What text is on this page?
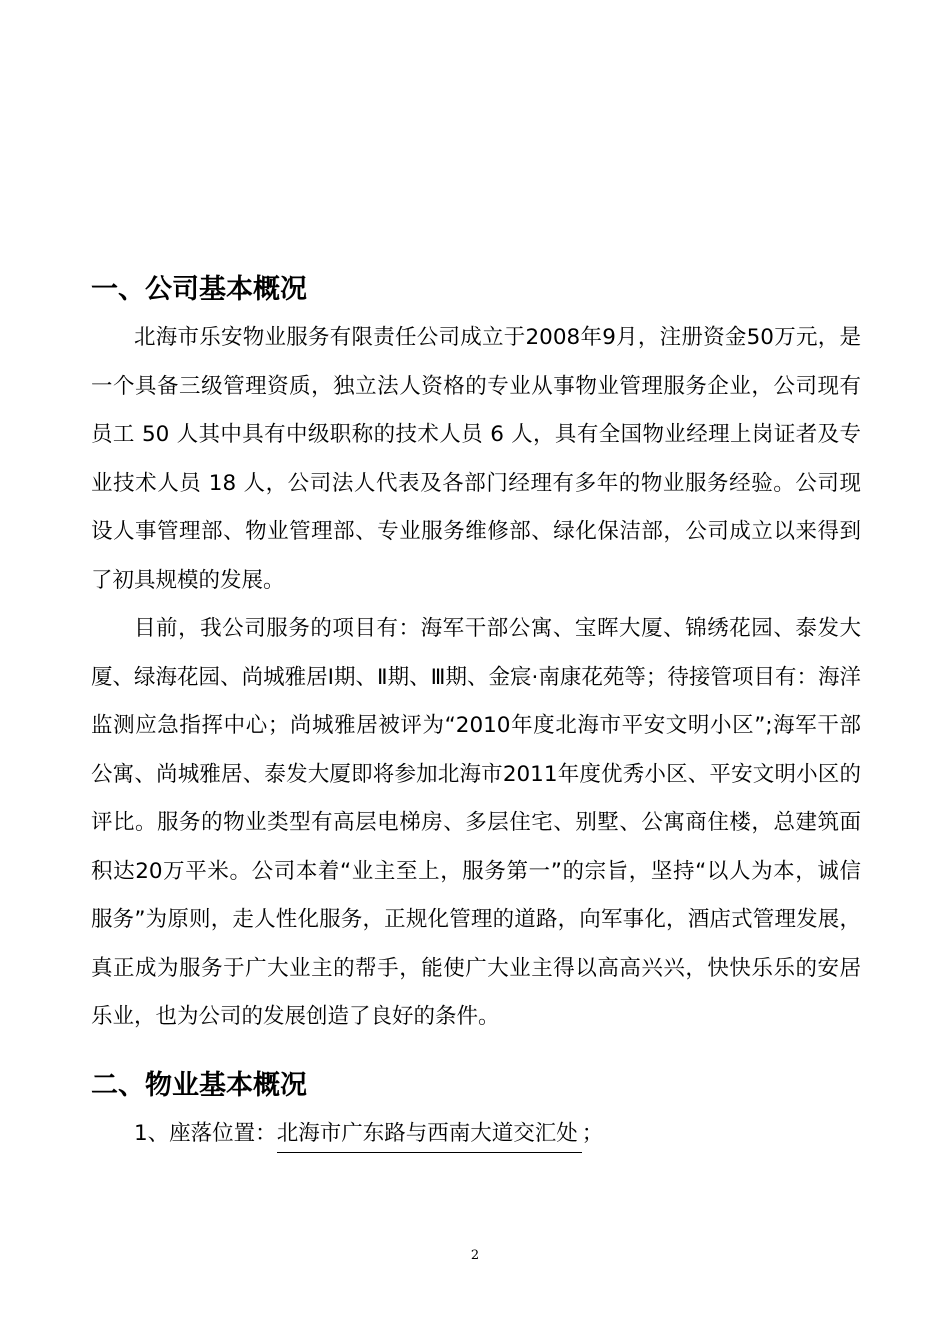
一、公司基本概况

北海市乐安物业服务有限责任公司成立于2008年9月，注册资金50万元，是一个具备三级管理资质，独立法人资格的专业从事物业管理服务企业，公司现有员工 50 人其中具有中级职称的技术人员 6 人，具有全国物业经理上岗证者及专业技术人员 18 人，公司法人代表及各部门经理有多年的物业服务经验。公司现设人事管理部、物业管理部、专业服务维修部、绿化保洁部，公司成立以来得到了初具规模的发展。

目前，我公司服务的项目有：海军干部公寓、宝晖大厦、锦绣花园、泰发大厦、绿海花园、尚城雅居Ⅰ期、Ⅱ期、Ⅲ期、金宸·南康花苑等；待接管项目有：海洋监测应急指挥中心；尚城雅居被评为“2010年度北海市平安文明小区”;海军干部公寓、尚城雅居、泰发大厦即将参加北海市2011年度优秀小区、平安文明小区的评比。服务的物业类型有高层电梯房、多层住宅、别墅、公寓商住楼，总建筑面积达20万平米。公司本着“业主至上，服务第一”的宗旨，坚持“以人为本，诚信服务”为原则，走人性化服务，正规化管理的道路，向军事化，酒店式管理发展，真正成为服务于广大业主的帮手，能使广大业主得以高高兴兴，快快乐乐的安居乐业，也为公司的发展创造了良好的条件。

二、物业基本概况

1、座落位置：北海市广东路与西南大道交汇处 ；

2
